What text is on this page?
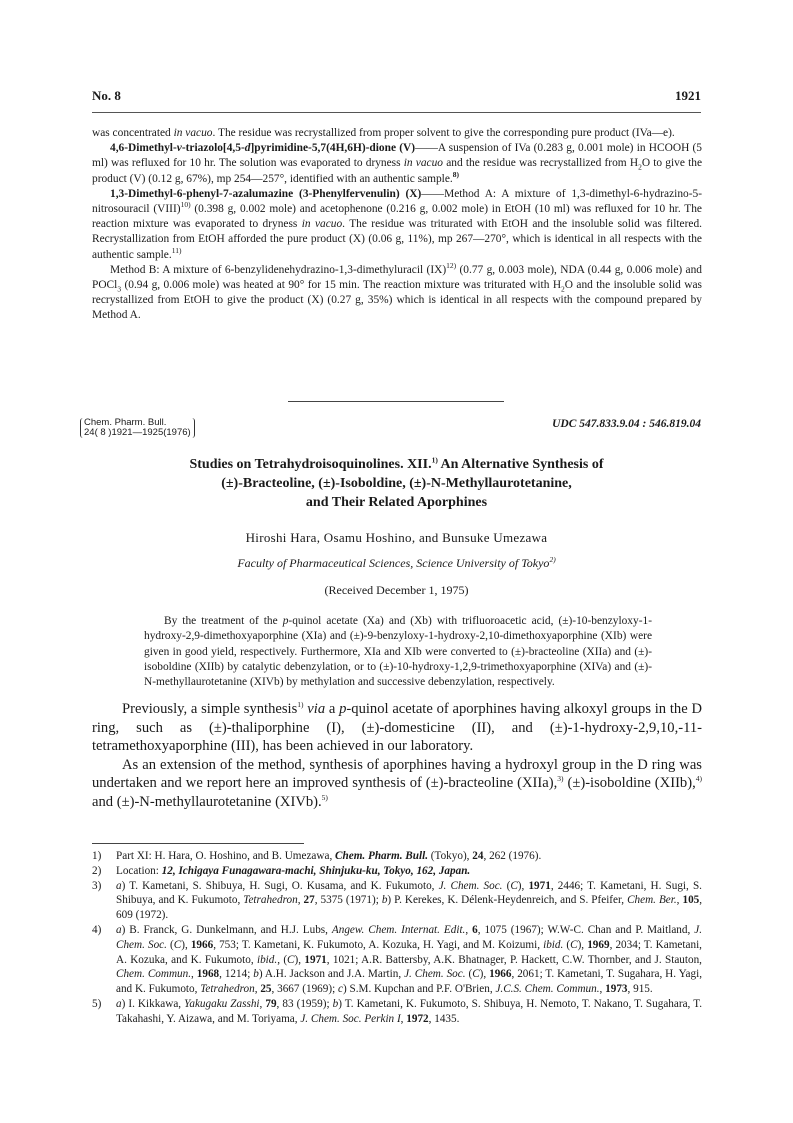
No. 8	1921

was concentrated in vacuo. The residue was recrystallized from proper solvent to give the corresponding pure product (IVa—e).

4,6-Dimethyl-v-triazolo[4,5-d]pyrimidine-5,7(4H,6H)-dione (V)——A suspension of IVa (0.283 g, 0.001 mole) in HCOOH (5 ml) was refluxed for 10 hr. The solution was evaporated to dryness in vacuo and the residue was recrystallized from $H_2O$ to give the product (V) (0.12 g, 67%), mp 254—257°, identified with an authentic sample.$^{8)}$

1,3-Dimethyl-6-phenyl-7-azalumazine (3-Phenylfervenulin) (X)——Method A: A mixture of 1,3-dimethyl-6-hydrazino-5-nitrosouracil (VIII)$^{10)}$ (0.398 g, 0.002 mole) and acetophenone (0.216 g, 0.002 mole) in EtOH (10 ml) was refluxed for 10 hr. The reaction mixture was evaporated to dryness in vacuo. The residue was triturated with EtOH and the insoluble solid was filtered. Recrystallization from EtOH afforded the pure product (X) (0.06 g, 11%), mp 267—270°, which is identical in all respects with the authentic sample.$^{11)}$

Method B: A mixture of 6-benzylidenehydrazino-1,3-dimethyluracil (IX)$^{12)}$ (0.77 g, 0.003 mole), NDA (0.44 g, 0.006 mole) and POCl$_3$ (0.94 g, 0.006 mole) was heated at 90° for 15 min. The reaction mixture was triturated with $H_2O$ and the insoluble solid was recrystallized from EtOH to give the product (X) (0.27 g, 35%) which is identical in all respects with the compound prepared by Method A.

Chem. Pharm. Bull.
24( 8 )1921—1925(1976)
UDC 547.833.9.04 : 546.819.04
Studies on Tetrahydroisoquinolines. XII.$^{1)}$ An Alternative Synthesis of
(±)-Bracteoline, (±)-Isoboldine, (±)-N-Methyllaurotetanine,
and Their Related Aporphines
Hiroshi Hara, Osamu Hoshino, and Bunsuke Umezawa
Faculty of Pharmaceutical Sciences, Science University of Tokyo$^{2)}$
(Received December 1, 1975)

By the treatment of the p-quinol acetate (Xa) and (Xb) with trifluoroacetic acid, (±)-10-benzyloxy-1-hydroxy-2,9-dimethoxyaporphine (XIa) and (±)-9-benzyloxy-1-hydroxy-2,10-dimethoxyaporphine (XIb) were given in good yield, respectively. Furthermore, XIa and XIb were converted to (±)-bracteoline (XIIa) and (±)-isoboldine (XIIb) by catalytic debenzylation, or to (±)-10-hydroxy-1,2,9-trimethoxyaporphine (XIVa) and (±)-N-methyllaurotetanine (XIVb) by methylation and successive debenzylation, respectively.

Previously, a simple synthesis$^{1)}$ via a p-quinol acetate of aporphines having alkoxyl groups in the D ring, such as (±)-thaliporphine (I), (±)-domesticine (II), and (±)-1-hydroxy-2,9,10,-11-tetramethoxyaporphine (III), has been achieved in our laboratory.

As an extension of the method, synthesis of aporphines having a hydroxyl group in the D ring was undertaken and we report here an improved synthesis of (±)-bracteoline (XIIa),$^{3)}$ (±)-isoboldine (XIIb),$^{4)}$ and (±)-N-methyllaurotetanine (XIVb).$^{5)}$

1) Part XI: H. Hara, O. Hoshino, and B. Umezawa, Chem. Pharm. Bull. (Tokyo), 24, 262 (1976).
2) Location: 12, Ichigaya Funagawara-machi, Shinjuku-ku, Tokyo, 162, Japan.
3) a) T. Kametani, S. Shibuya, H. Sugi, O. Kusama, and K. Fukumoto, J. Chem. Soc. (C), 1971, 2446; T. Kametani, H. Sugi, S. Shibuya, and K. Fukumoto, Tetrahedron, 27, 5375 (1971); b) P. Kerekes, K. Délenk-Heydenreich, and S. Pfeifer, Chem. Ber., 105, 609 (1972).
4) a) B. Franck, G. Dunkelmann, and H.J. Lubs, Angew. Chem. Internat. Edit., 6, 1075 (1967); W.W-C. Chan and P. Maitland, J. Chem. Soc. (C), 1966, 753; T. Kametani, K. Fukumoto, A. Kozuka, H. Yagi, and M. Koizumi, ibid. (C), 1969, 2034; T. Kametani, A. Kozuka, and K. Fukumoto, ibid., (C), 1971, 1021; A.R. Battersby, A.K. Bhatnager, P. Hackett, C.W. Thornber, and J. Stauton, Chem. Commun., 1968, 1214; b) A.H. Jackson and J.A. Martin, J. Chem. Soc. (C), 1966, 2061; T. Kametani, T. Sugahara, H. Yagi, and K. Fukumoto, Tetrahedron, 25, 3667 (1969); c) S.M. Kupchan and P.F. O'Brien, J.C.S. Chem. Commun., 1973, 915.
5) a) I. Kikkawa, Yakugaku Zasshi, 79, 83 (1959); b) T. Kametani, K. Fukumoto, S. Shibuya, H. Nemoto, T. Nakano, T. Sugahara, T. Takahashi, Y. Aizawa, and M. Toriyama, J. Chem. Soc. Perkin I, 1972, 1435.
